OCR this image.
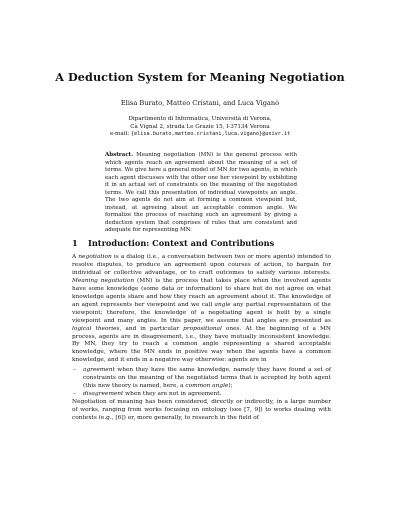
A Deduction System for Meaning Negotiation
Elisa Burato, Matteo Cristani, and Luca Viganò
Dipartimento di Informatica, Università di Verona,
Cà Vignal 2, strada Le Grazie 15, I-37134 Verona
e-mail: {elisa.burato,matteo.cristani,luca.vigano}@univr.it
Abstract. Meaning negotiation (MN) is the general process with which agents reach an agreement about the meaning of a set of terms. We give here a general model of MN for two agents, in which each agent discusses with the other one her viewpoint by exhibiting it in an actual set of constraints on the meaning of the negotiated terms. We call this presentation of individual viewpoints an angle. The two agents do not aim at forming a common viewpoint but, instead, at agreeing about an acceptable common angle. We formalize the process of reaching such an agreement by giving a deduction system that comprises of rules that are consistent and adequate for representing MN.
1 Introduction: Context and Contributions

A negotiation is a dialog (i.e., a conversation between two or more agents) intended to resolve disputes, to produce an agreement upon courses of action, to bargain for individual or collective advantage, or to craft outcomes to satisfy various interests. Meaning negotiation (MN) is the process that takes place when the involved agents have some knowledge (some data or information) to share but do not agree on what knowledge agents share and how they reach an agreement about it. The knowledge of an agent represents her viewpoint and we call angle any partial representation of the viewpoint; therefore, the knowledge of a negotiating agent is built by a single viewpoint and many angles. In this paper, we assume that angles are presented as logical theories, and in particular propositional ones. At the beginning of a MN process, agents are in disagreement, i.e., they have mutually inconsistent knowledge. By MN, they try to reach a common angle representing a shared acceptable knowledge, where the MN ends in positive way when the agents have a common knowledge, and it ends in a negative way otherwise: agents are in

– agreement when they have the same knowledge, namely they have found a set of constraints on the meaning of the negotiated terms that is accepted by both agent (this new theory is named, here, a common angle);
– disagreement when they are not in agreement.

Negotiation of meaning has been considered, directly or indirectly, in a large number of works, ranging from works focusing on ontology (see [7, 9]) to works dealing with contexts (e.g., [6]) or, more generally, to research in the field of
